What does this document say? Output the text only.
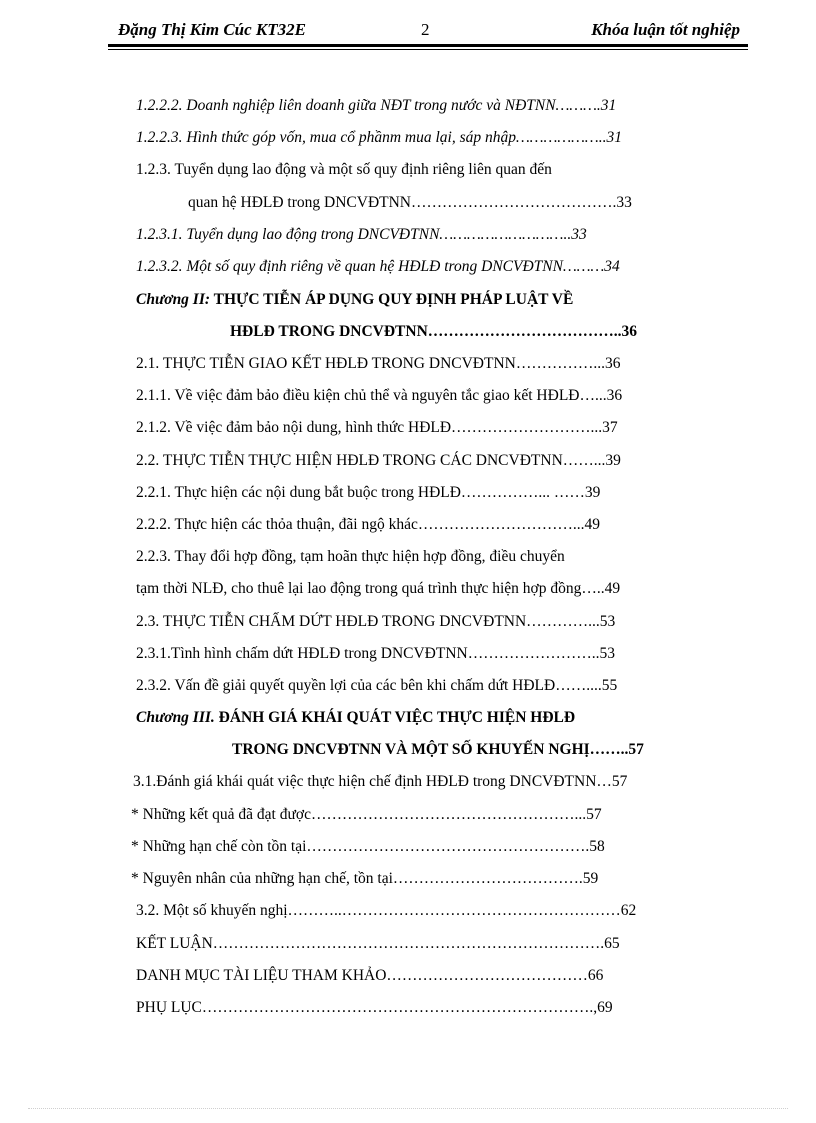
Đặng Thị Kim Cúc KT32E	2	Khóa luận tốt nghiệp
1.2.2.2. Doanh nghiệp liên doanh giữa NĐT trong nước và NĐTNN……….31
1.2.2.3. Hình thức góp vốn, mua cổ phầnm mua lại, sáp nhập………………..31
1.2.3. Tuyển dụng lao động và một số quy định riêng liên quan đến
quan hệ HĐLĐ trong DNCVĐTNN………………………………….33
1.2.3.1. Tuyển dụng lao động trong DNCVĐTNN………………………..33
1.2.3.2. Một số quy định riêng về quan hệ HĐLĐ trong DNCVĐTNN………34
Chương II: THỰC TIỄN ÁP DỤNG QUY ĐỊNH PHÁP LUẬT VỀ
HĐLĐ TRONG DNCVĐTNN………………………………..36
2.1. THỰC TIỄN GIAO KẾT HĐLĐ TRONG DNCVĐTNN……………...36
2.1.1. Về việc đảm bảo điều kiện chủ thể và nguyên tắc giao kết HĐLĐ…...36
2.1.2. Về việc đảm bảo nội dung, hình thức HĐLĐ………………………...37
2.2. THỰC TIỄN THỰC HIỆN HĐLĐ TRONG CÁC DNCVĐTNN……...39
2.2.1. Thực hiện các nội dung bắt buộc trong HĐLĐ……………... ……39
2.2.2. Thực hiện các thỏa thuận, đãi ngộ khác…………………………...49
2.2.3. Thay đổi hợp đồng, tạm hoãn thực hiện hợp đồng, điều chuyển
tạm thời NLĐ, cho thuê lại lao động trong quá trình thực hiện hợp đồng…..49
2.3. THỰC TIỄN CHẤM DỨT HĐLĐ TRONG DNCVĐTNN…………...53
2.3.1.Tình hình chấm dứt HĐLĐ trong DNCVĐTNN……………………..53
2.3.2. Vấn đề giải quyết quyền lợi của các bên khi chấm dứt HĐLĐ……....55
Chương III. ĐÁNH GIÁ KHÁI QUÁT VIỆC THỰC HIỆN HĐLĐ
TRONG DNCVĐTNN VÀ MỘT SỐ KHUYẾN NGHỊ……..57
3.1.Đánh giá khái quát việc thực hiện chế định HĐLĐ trong DNCVĐTNN…57
* Những kết quả đã đạt được……………………………………………...57
* Những hạn chế còn tồn tại……………………………………………….58
* Nguyên nhân của những hạn chế, tồn tại……………………………….59
3.2. Một số khuyến nghị………..………………………………………………62
KẾT LUẬN………………………………………………………………….65
DANH MỤC TÀI LIỆU THAM KHẢO…………………………………66
PHỤ LỤC………………………………………………………………….,69
